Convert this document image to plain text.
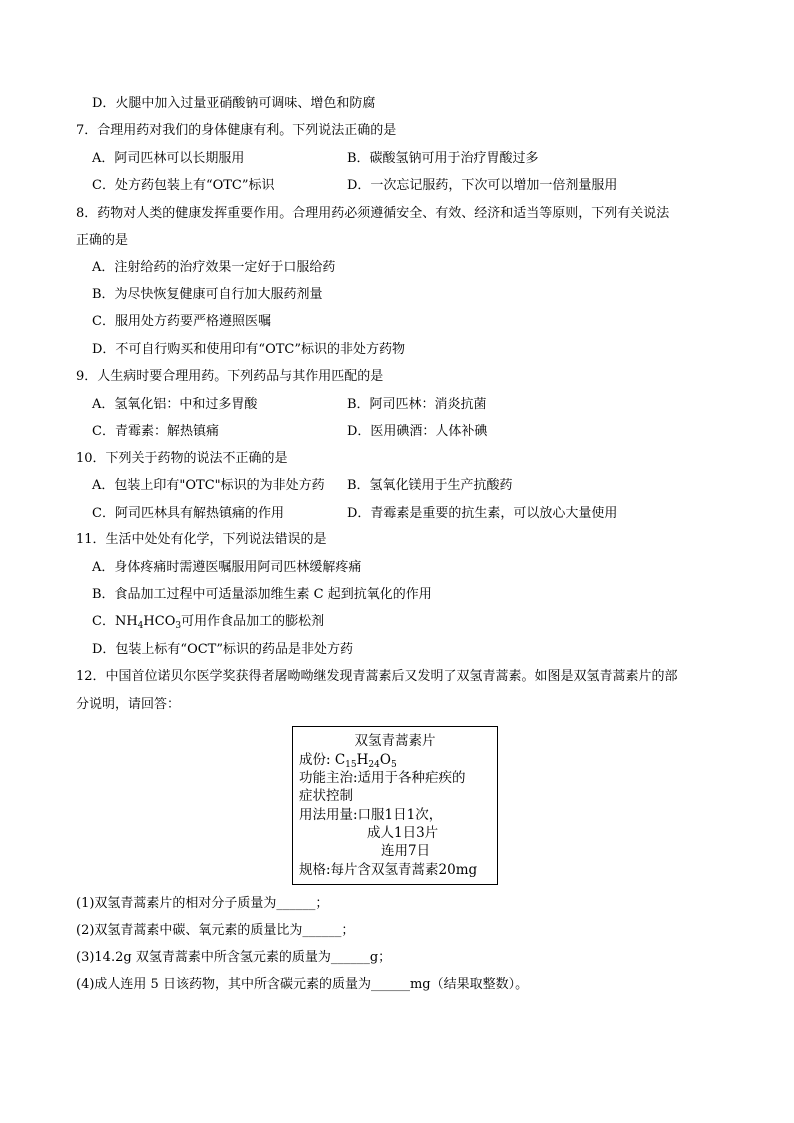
D．火腿中加入过量亚硝酸钠可调味、增色和防腐
7．合理用药对我们的身体健康有利。下列说法正确的是
A．阿司匹林可以长期服用	B．碳酸氢钠可用于治疗胃酸过多
C．处方药包装上有“OTC”标识	D．一次忘记服药，下次可以增加一倍剂量服用
8．药物对人类的健康发挥重要作用。合理用药必须遵循安全、有效、经济和适当等原则，下列有关说法
正确的是
A．注射给药的治疗效果一定好于口服给药
B．为尽快恢复健康可自行加大服药剂量
C．服用处方药要严格遵照医嘱
D．不可自行购买和使用印有“OTC”标识的非处方药物
9．人生病时要合理用药。下列药品与其作用匹配的是
A．氢氧化铝：中和过多胃酸	B．阿司匹林：消炎抗菌
C．青霉素：解热镇痛	D．医用碘酒：人体补碘
10．下列关于药物的说法不正确的是
A．包装上印有"OTC"标识的为非处方药 B．氢氧化镁用于生产抗酸药
C．阿司匹林具有解热镇痛的作用	D．青霉素是重要的抗生素，可以放心大量使用
11．生活中处处有化学，下列说法错误的是
A．身体疼痛时需遵医嘱服用阿司匹林缓解疼痛
B．食品加工过程中可适量添加维生素 C 起到抗氧化的作用
C．$NH_4HCO_3$可用作食品加工的膨松剂
D．包装上标有“OCT”标识的药品是非处方药
12．中国首位诺贝尔医学奖获得者屠呦呦继发现青蒿素后又发明了双氢青蒿素。如图是双氢青蒿素片的部
分说明，请回答：
双氢青蒿素片
成份: $C_{15}H_{24}O_5$
功能主治:适用于各种疟疾的
症状控制
用法用量:口服1日1次，
成人1日3片
连用7日
规格:每片含双氢青蒿素20mg
(1)双氢青蒿素片的相对分子质量为______；
(2)双氢青蒿素中碳、氧元素的质量比为______；
(3)14.2g 双氢青蒿素中所含氢元素的质量为______g；
(4)成人连用 5 日该药物，其中所含碳元素的质量为______mg（结果取整数）。
